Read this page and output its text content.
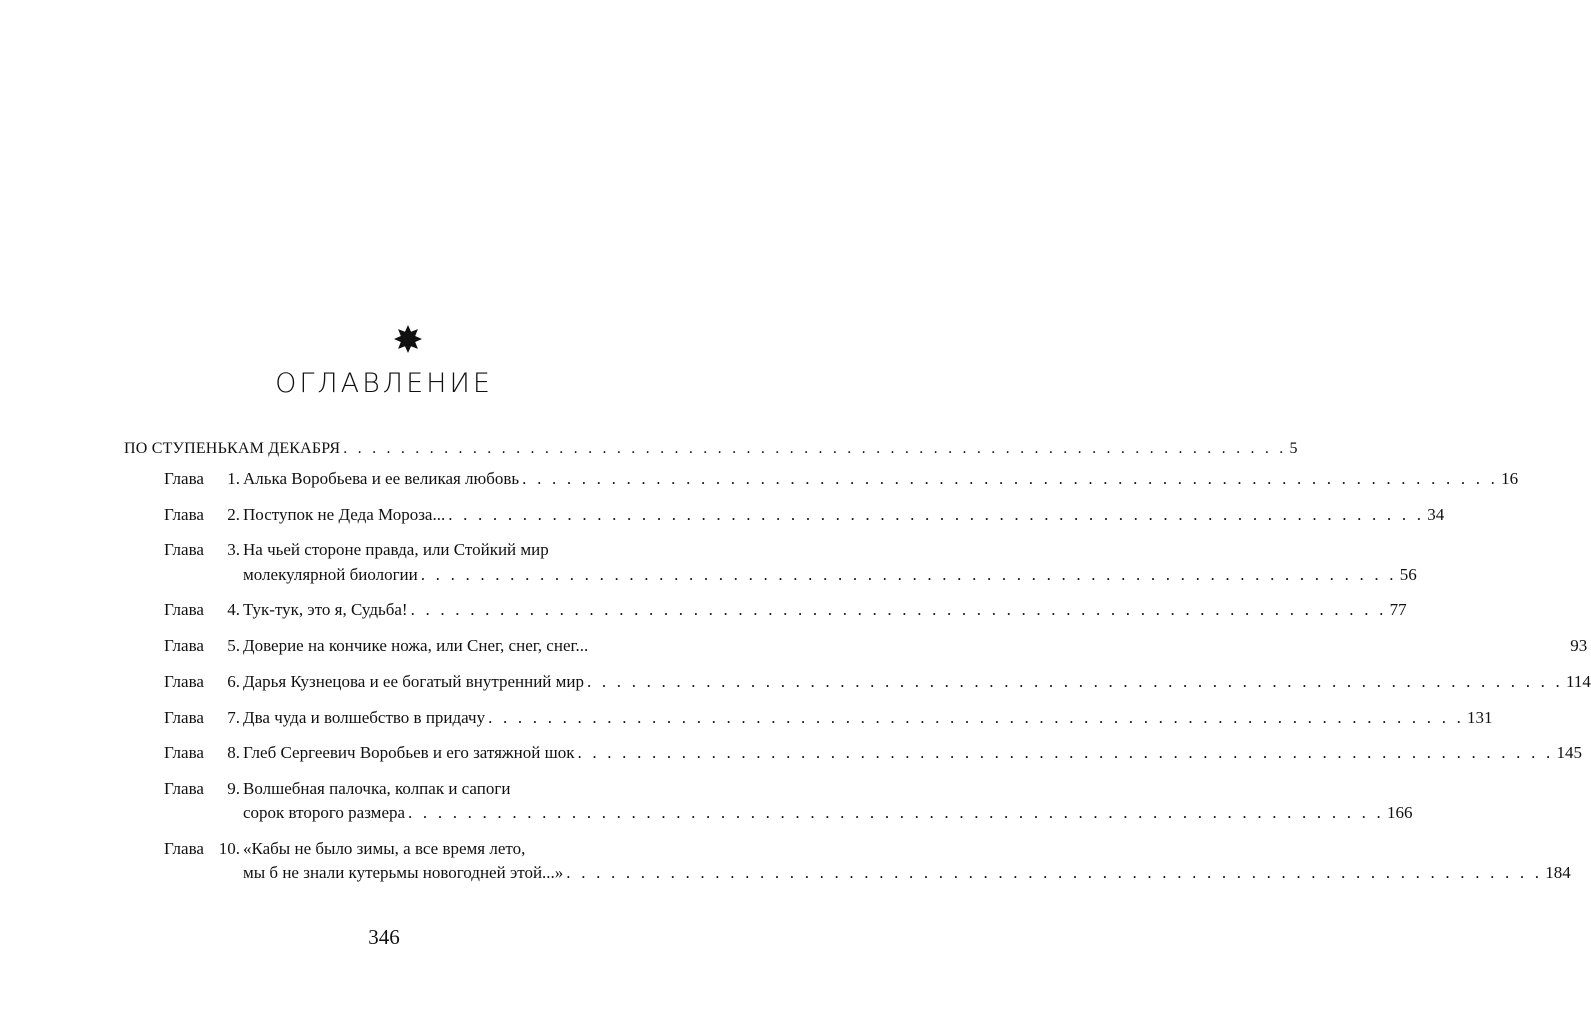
ОГЛАВЛЕНИЕ
ПО СТУПЕНЬКАМ ДЕКАБРЯ . . . . . . . . . . . . . . . . . . . . . . . . . . . . . . . . . . . . . . . . . . . . . . . . . . . . . . . . . . . . . . . . . . 5
Глава	1. Алька Воробьева и ее великая любовь . . . . . . . . . . . . . . . . . . . . . . . . . . . . . . . . . . . . . . . . . . . . . . . . . . . . . . . . . . . . . . . . . . 16
Глава	2. Поступок не Деда Мороза... . . . . . . . . . . . . . . . . . . . . . . . . . . . . . . . . . . . . . . . . . . . . . . . . . . . . . . . . . . . . . . . . . . 34
Глава	3. На чьей стороне правда, или Стойкий мир
молекулярной биологии . . . . . . . . . . . . . . . . . . . . . . . . . . . . . . . . . . . . . . . . . . . . . . . . . . . . . . . . . . . . . . . . . . 56
Глава	4. Тук-тук, это я, Судьба! . . . . . . . . . . . . . . . . . . . . . . . . . . . . . . . . . . . . . . . . . . . . . . . . . . . . . . . . . . . . . . . . . . 77
Глава	5. Доверие на кончике ножа, или Снег, снег, снег...	93
Глава	6. Дарья Кузнецова и ее богатый внутренний мир . . . . . . . . . . . . . . . . . . . . . . . . . . . . . . . . . . . . . . . . . . . . . . . . . . . . . . . . . . . . . . . . . . 114
Глава	7. Два чуда и волшебство в придачу . . . . . . . . . . . . . . . . . . . . . . . . . . . . . . . . . . . . . . . . . . . . . . . . . . . . . . . . . . . . . . . . . . 131
Глава	8. Глеб Сергеевич Воробьев и его затяжной шок . . . . . . . . . . . . . . . . . . . . . . . . . . . . . . . . . . . . . . . . . . . . . . . . . . . . . . . . . . . . . . . . . . 145
Глава	9. Волшебная палочка, колпак и сапоги
сорок второго размера . . . . . . . . . . . . . . . . . . . . . . . . . . . . . . . . . . . . . . . . . . . . . . . . . . . . . . . . . . . . . . . . . . 166
Глава 10. «Кабы не было зимы, а все время лето,
мы б не знали кутерьмы новогодней этой...» . . . . . . . . . . . . . . . . . . . . . . . . . . . . . . . . . . . . . . . . . . . . . . . . . . . . . . . . . . . . . . . . . . 184
346
